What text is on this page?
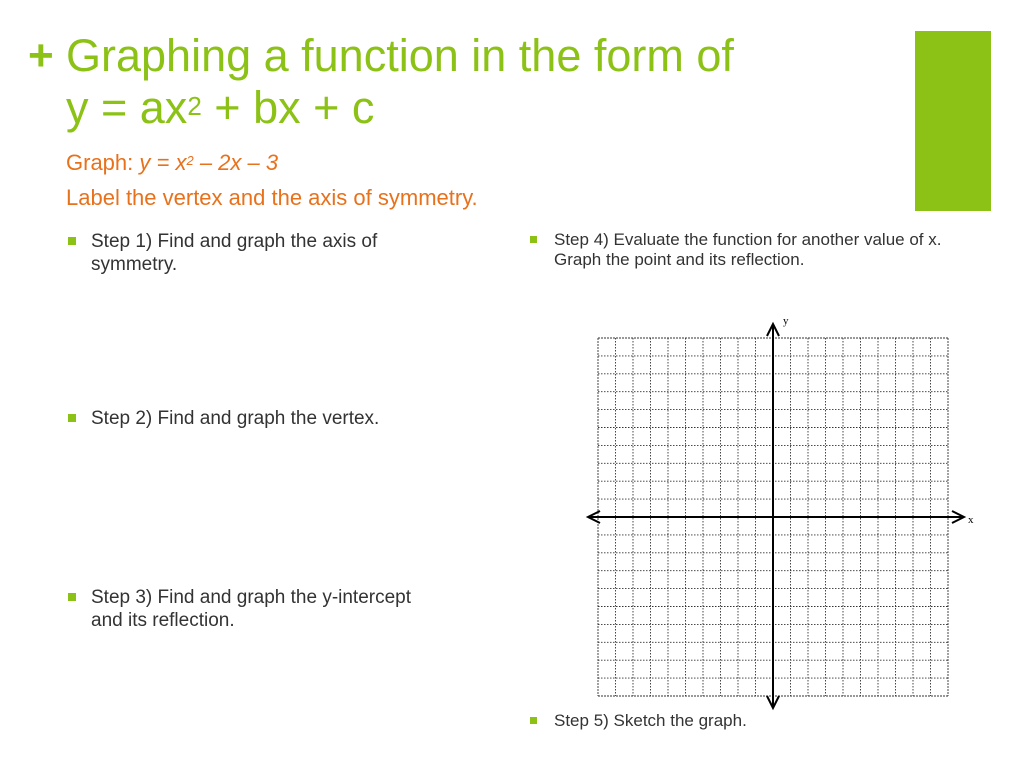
+ Graphing a function in the form of
$y = ax^2$ + bx + c
Graph: $y = x^2 - 2x - 3$
Label the vertex and the axis of symmetry.
Step 1) Find and graph the axis of symmetry.
Step 2) Find and graph the vertex.
Step 3) Find and graph the y-intercept and its reflection.
Step 4) Evaluate the function for another value of x. Graph the point and its reflection.
Step 5) Sketch the graph.
x
y
